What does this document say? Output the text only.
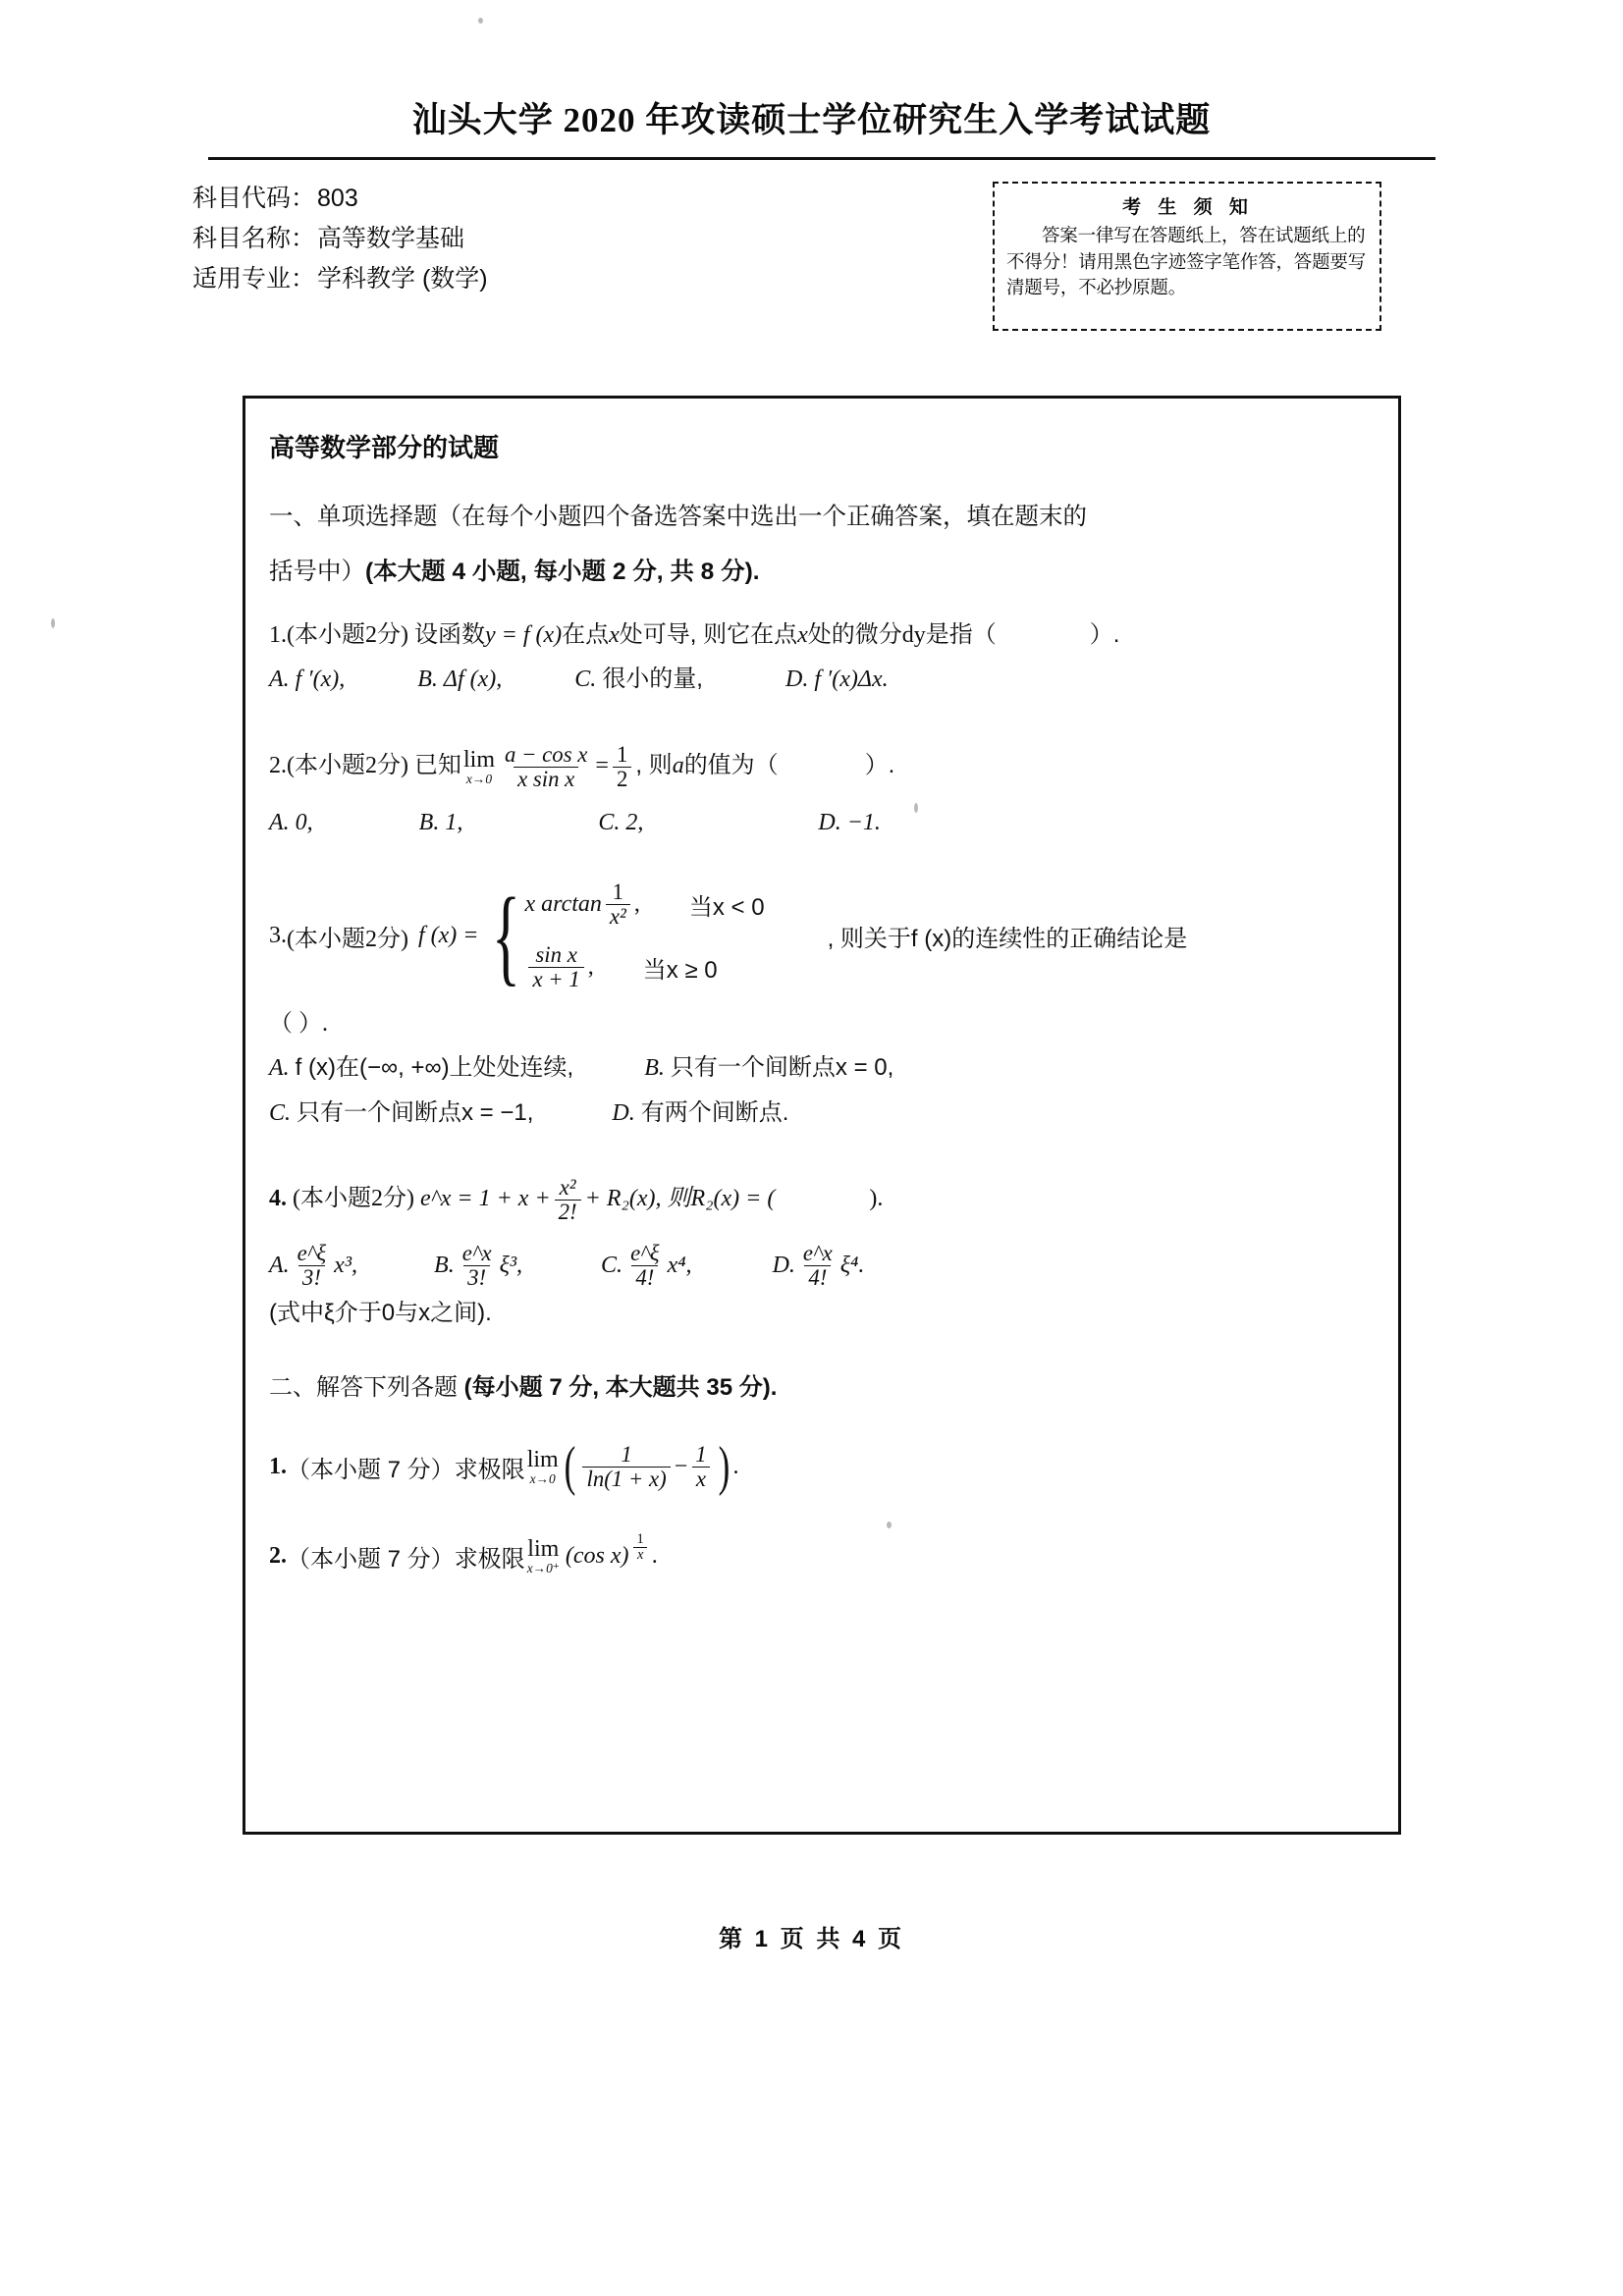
汕头大学 2020 年攻读硕士学位研究生入学考试试题
科目代码：803
科目名称：高等数学基础
适用专业：学科教学 (数学)
考 生 须 知
答案一律写在答题纸上，答在试题纸上的不得分！请用黑色字迹签字笔作答，答题要写清题号，不必抄原题。
高等数学部分的试题
一、单项选择题（在每个小题四个备选答案中选出一个正确答案，填在题末的
括号中）(本大题 4 小题, 每小题 2 分, 共 8 分).
1.(本小题2分) 设函数y = f (x)在点x处可导, 则它在点x处的微分dy是指（	）.
A. f ′(x),	B. Δf (x),	C. 很小的量,	D. f ′(x)Δx.
2.(本小题2分) 已知 lim
$x\to 0 \frac{\text{a − cos x}}{\text{x sin x}} = \frac{1}{2}$ , 则a的值为（	）.
A. 0,	B. 1,	C. 2,	D. −1.
3. (本小题2分) f (x) = { x $\arctan \frac{1}{\text{x²}}$ , 当x < 0
$\frac{\text{sin x}}{x + 1}$ , 当x ≥ 0
, 则关于f (x)的连续性的正确结论是
（ ）.
A. f (x)在(−∞, +∞)上处处连续,	B. 只有一个间断点x = 0,
C. 只有一个间断点x = −1,	D. 有两个间断点.
4. (本小题2分) e^x = $1 + x + \frac{\text{x²}}{2!} + R_2(x)$, 则R₂(x) = (	).
A. $\frac{e\^{}\xi}{3!} x^3$,	B. $\frac{e\^{}x}{3!} \xi^3$,	C. $\frac{e\^{}\xi}{4!} x^4$,	D. $\frac{e\^{}x}{4!} \xi^4$.
(式中ξ介于0与x之间).
二、解答下列各题 (每小题 7 分, 本大题共 35 分).
1. （本小题 7 分） 求极限 lim
x→0 ( $\frac{1}{\ln(1 + x)} - \frac{1}{x}$ ) .
2. （本小题 7 分） 求极限 lim
x→0⁺ (cos $x) \frac{1}{x}$ .
第 1 页 共 4 页
